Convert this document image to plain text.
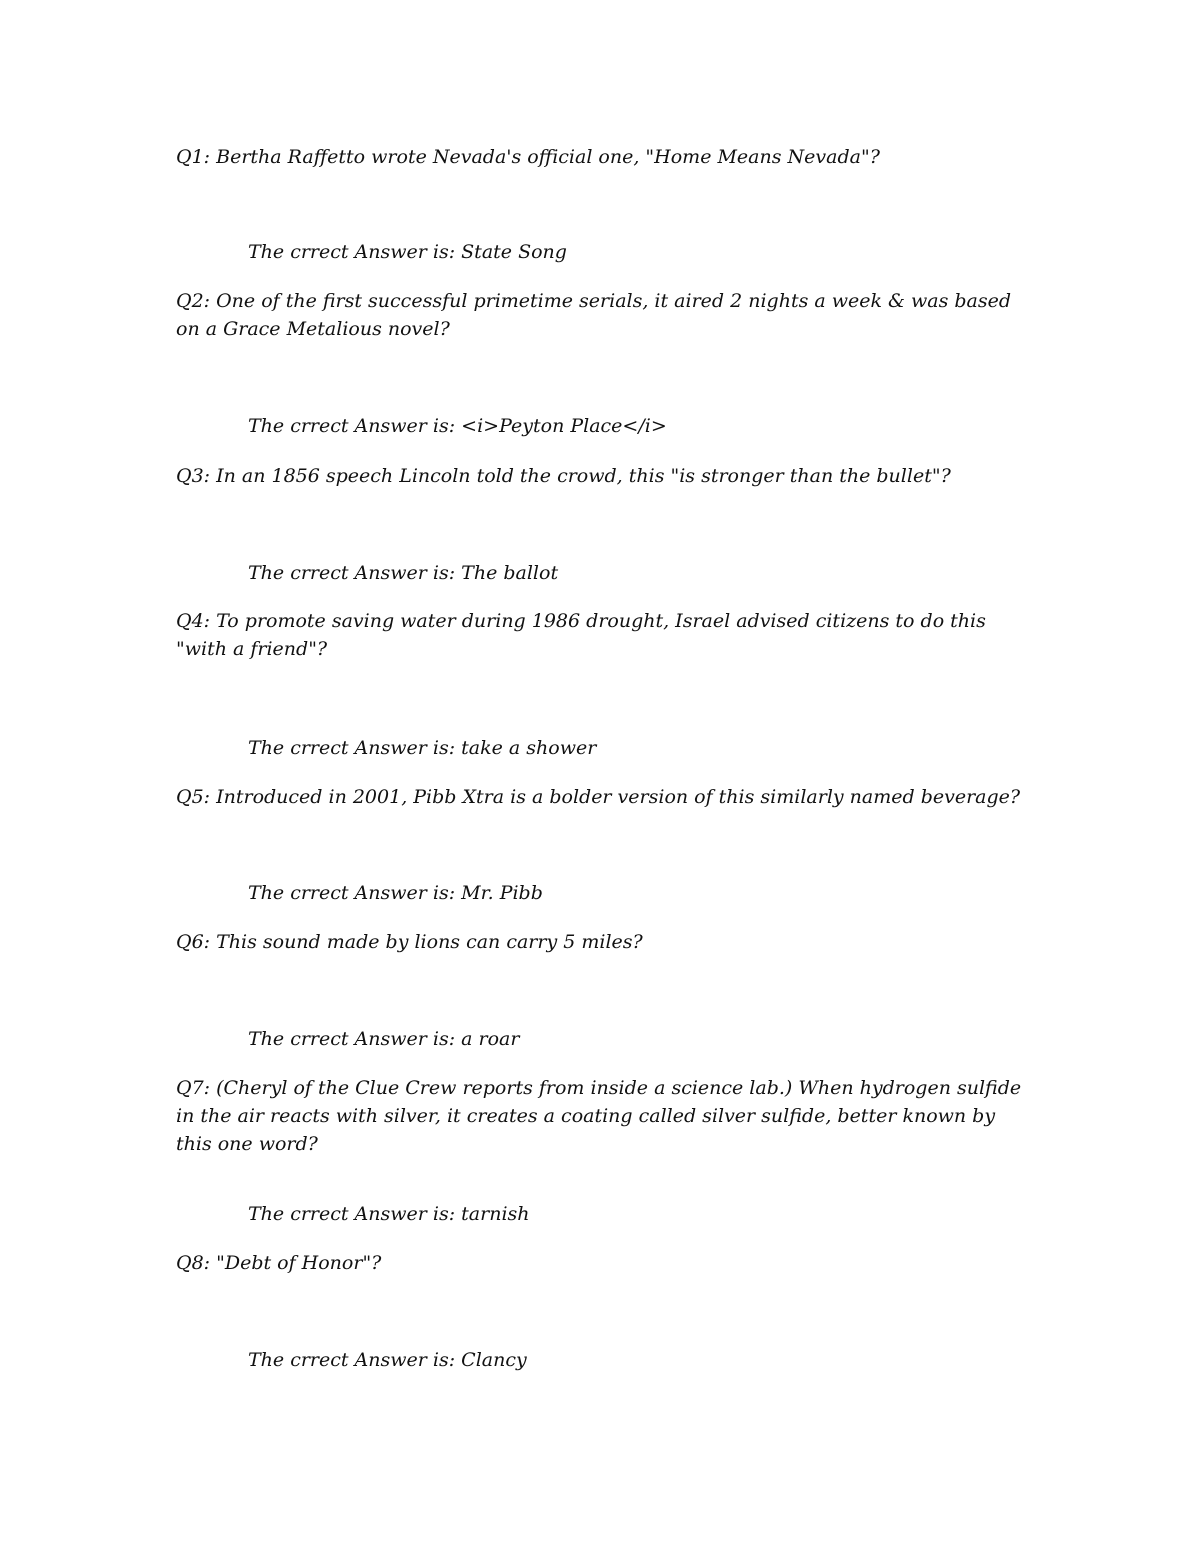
Q1: Bertha Raffetto wrote Nevada's official one, "Home Means Nevada"?
The crrect Answer is: State Song
Q2: One of the first successful primetime serials, it aired 2 nights a week & was based on a Grace Metalious novel?
The crrect Answer is: <i>Peyton Place</i>
Q3: In an 1856 speech Lincoln told the crowd, this "is stronger than the bullet"?
The crrect Answer is: The ballot
Q4: To promote saving water during 1986 drought, Israel advised citizens to do this "with a friend"?
The crrect Answer is: take a shower
Q5: Introduced in 2001, Pibb Xtra is a bolder version of this similarly named beverage?
The crrect Answer is: Mr. Pibb
Q6: This sound made by lions can carry 5 miles?
The crrect Answer is: a roar
Q7: (Cheryl of the Clue Crew reports from inside a science lab.) When hydrogen sulfide in the air reacts with silver, it creates a coating called silver sulfide, better known by this one word?
The crrect Answer is: tarnish
Q8: "Debt of Honor"?
The crrect Answer is: Clancy
